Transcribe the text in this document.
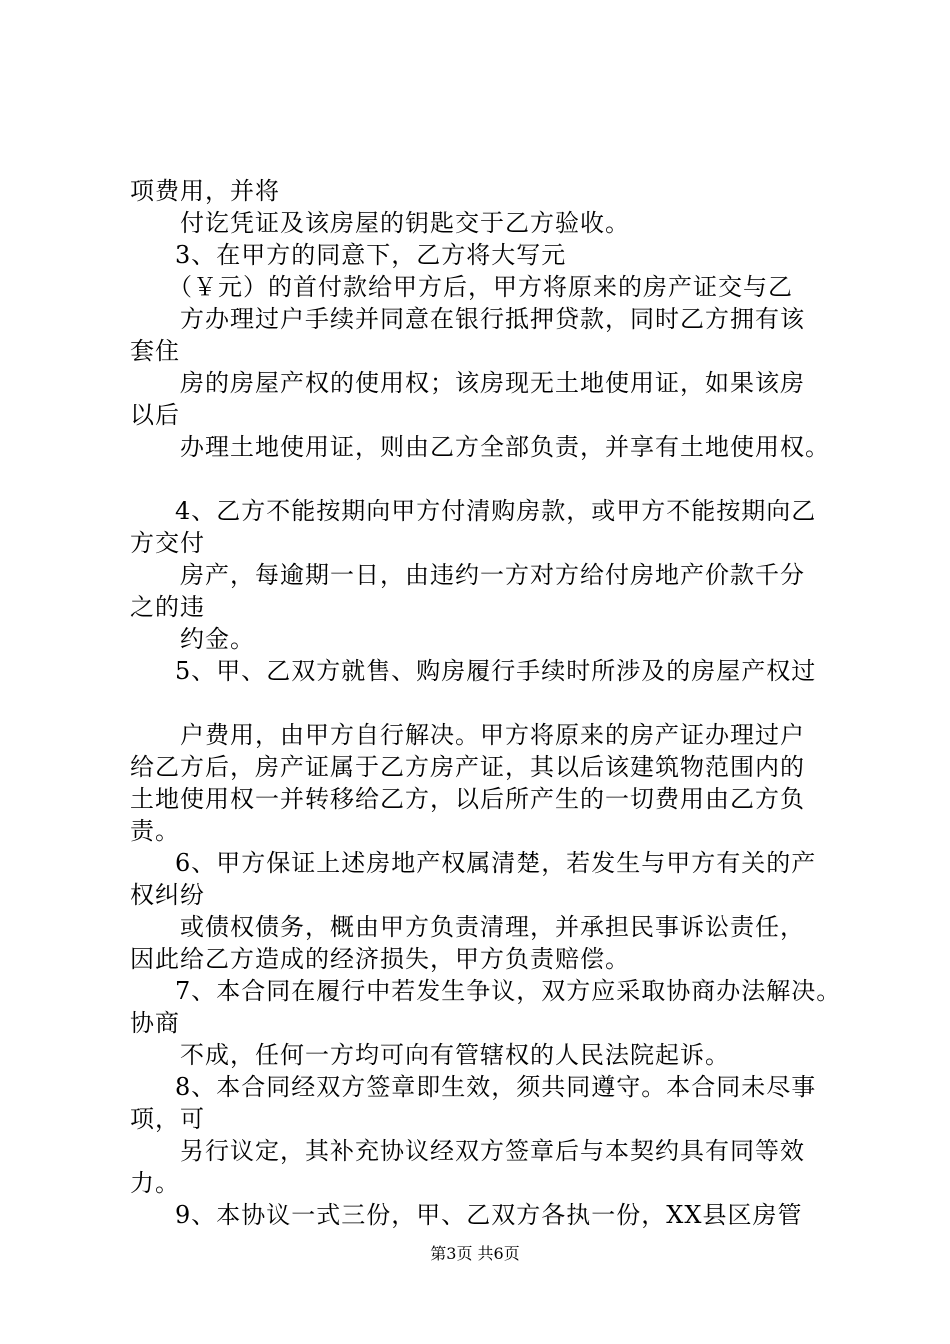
项费用，并将
付讫凭证及该房屋的钥匙交于乙方验收。
3、在甲方的同意下，乙方将大写元
（￥元）的首付款给甲方后，甲方将原来的房产证交与乙
方办理过户手续并同意在银行抵押贷款，同时乙方拥有该
套住
房的房屋产权的使用权；该房现无土地使用证，如果该房
以后
办理土地使用证，则由乙方全部负责，并享有土地使用权。
4、乙方不能按期向甲方付清购房款，或甲方不能按期向乙
方交付
房产，每逾期一日，由违约一方对方给付房地产价款千分
之的违
约金。
5、甲、乙双方就售、购房履行手续时所涉及的房屋产权过
户费用，由甲方自行解决。甲方将原来的房产证办理过户
给乙方后，房产证属于乙方房产证，其以后该建筑物范围内的
土地使用权一并转移给乙方，以后所产生的一切费用由乙方负
责。
6、甲方保证上述房地产权属清楚，若发生与甲方有关的产
权纠纷
或债权债务，概由甲方负责清理，并承担民事诉讼责任，
因此给乙方造成的经济损失，甲方负责赔偿。
7、本合同在履行中若发生争议，双方应采取协商办法解决。
协商
不成，任何一方均可向有管辖权的人民法院起诉。
8、本合同经双方签章即生效，须共同遵守。本合同未尽事
项，可
另行议定，其补充协议经双方签章后与本契约具有同等效
力。
9、本协议一式三份，甲、乙双方各执一份，XX县区房管
第3页 共6页
